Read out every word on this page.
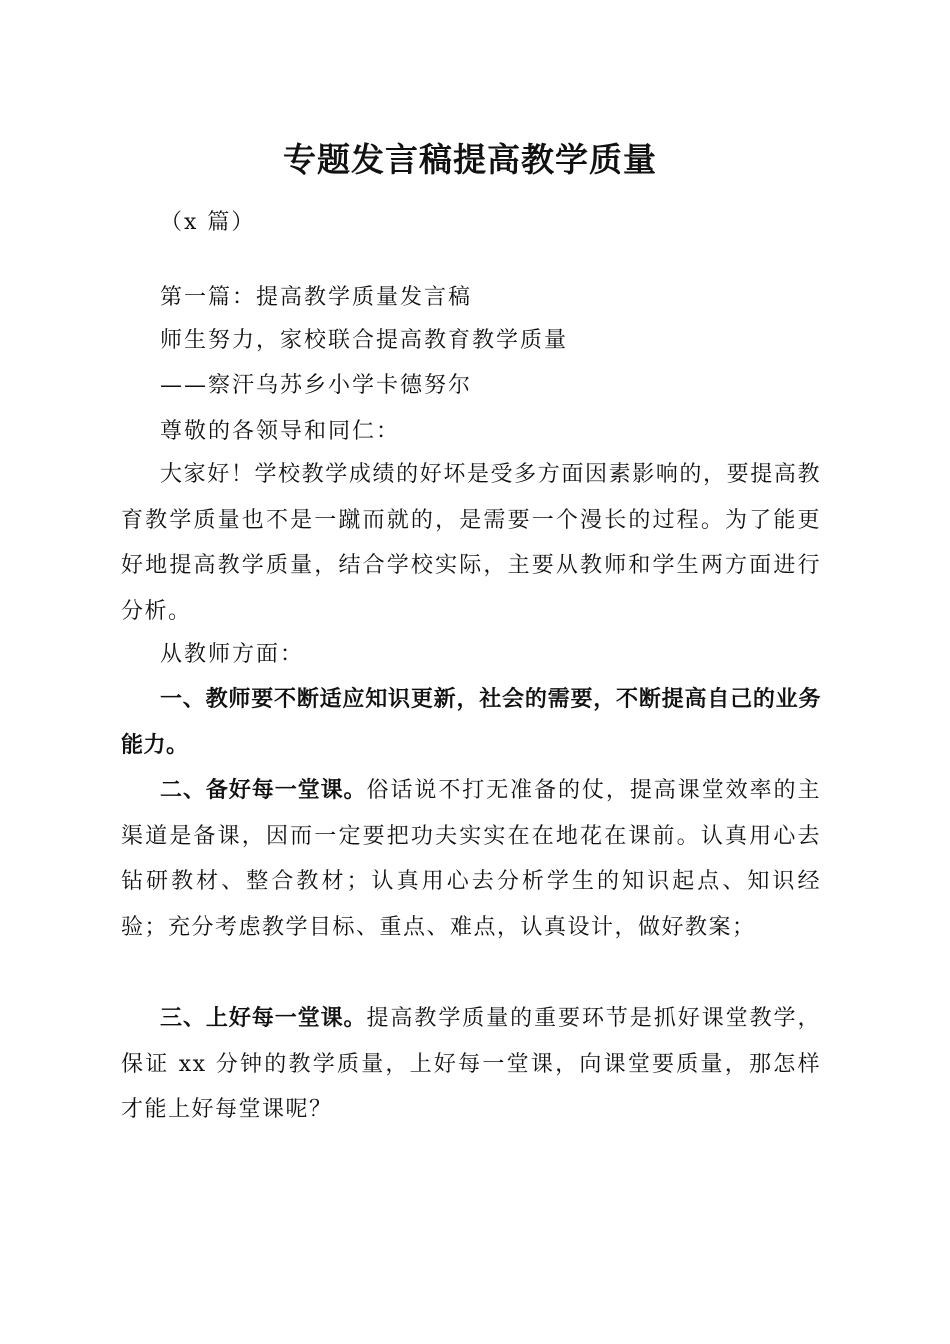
专题发言稿提高教学质量
（x 篇）
第一篇：提高教学质量发言稿
师生努力，家校联合提高教育教学质量
——察汗乌苏乡小学卡德努尔
尊敬的各领导和同仁：

大家好！学校教学成绩的好坏是受多方面因素影响的，要提高教育教学质量也不是一蹴而就的，是需要一个漫长的过程。为了能更好地提高教学质量，结合学校实际，主要从教师和学生两方面进行分析。

从教师方面：

一、教师要不断适应知识更新，社会的需要，不断提高自己的业务能力。

二、备好每一堂课。俗话说不打无准备的仗，提高课堂效率的主渠道是备课，因而一定要把功夫实实在在地花在课前。认真用心去钻研教材、整合教材；认真用心去分析学生的知识起点、知识经验；充分考虑教学目标、重点、难点，认真设计，做好教案；

三、上好每一堂课。提高教学质量的重要环节是抓好课堂教学，保证 xx 分钟的教学质量，上好每一堂课，向课堂要质量，那怎样才能上好每堂课呢？
